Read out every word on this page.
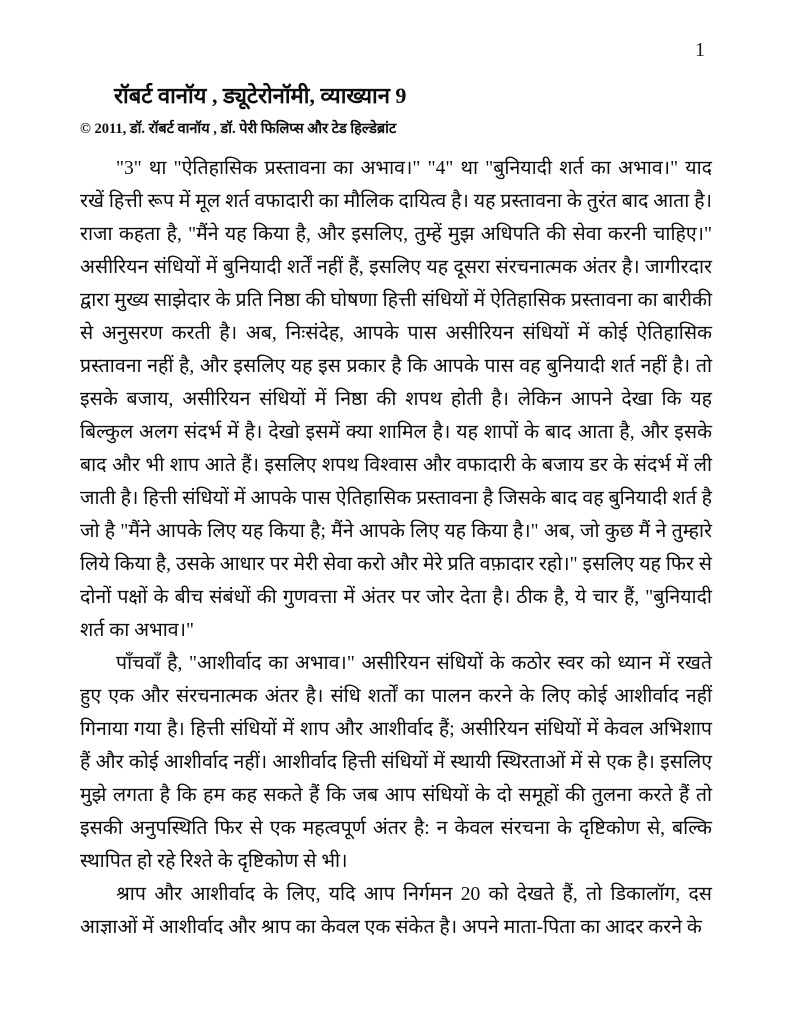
1
रॉबर्ट वानॉय , ड्यूटेरोनॉमी, व्याख्यान 9
© 2011, डॉ. रॉबर्ट वानॉय , डॉ. पेरी फिलिप्स और टेड हिल्डेब्रांट

"3" था "ऐतिहासिक प्रस्तावना का अभाव।" "4" था "बुनियादी शर्त का अभाव।" याद रखें हित्ती रूप में मूल शर्त वफादारी का मौलिक दायित्व है। यह प्रस्तावना के तुरंत बाद आता है। राजा कहता है, "मैंने यह किया है, और इसलिए, तुम्हें मुझ अधिपति की सेवा करनी चाहिए।" असीरियन संधियों में बुनियादी शर्तें नहीं हैं, इसलिए यह दूसरा संरचनात्मक अंतर है। जागीरदार द्वारा मुख्य साझेदार के प्रति निष्ठा की घोषणा हित्ती संधियों में ऐतिहासिक प्रस्तावना का बारीकी से अनुसरण करती है। अब, निःसंदेह, आपके पास असीरियन संधियों में कोई ऐतिहासिक प्रस्तावना नहीं है, और इसलिए यह इस प्रकार है कि आपके पास वह बुनियादी शर्त नहीं है। तो इसके बजाय, असीरियन संधियों में निष्ठा की शपथ होती है। लेकिन आपने देखा कि यह बिल्कुल अलग संदर्भ में है। देखो इसमें क्या शामिल है। यह शापों के बाद आता है, और इसके बाद और भी शाप आते हैं। इसलिए शपथ विश्वास और वफादारी के बजाय डर के संदर्भ में ली जाती है। हित्ती संधियों में आपके पास ऐतिहासिक प्रस्तावना है जिसके बाद वह बुनियादी शर्त है जो है "मैंने आपके लिए यह किया है; मैंने आपके लिए यह किया है।" अब, जो कुछ मैं ने तुम्हारे लिये किया है, उसके आधार पर मेरी सेवा करो और मेरे प्रति वफ़ादार रहो।" इसलिए यह फिर से दोनों पक्षों के बीच संबंधों की गुणवत्ता में अंतर पर जोर देता है। ठीक है, ये चार हैं, "बुनियादी शर्त का अभाव।"

पाँचवाँ है, "आशीर्वाद का अभाव।" असीरियन संधियों के कठोर स्वर को ध्यान में रखते हुए एक और संरचनात्मक अंतर है। संधि शर्तों का पालन करने के लिए कोई आशीर्वाद नहीं गिनाया गया है। हित्ती संधियों में शाप और आशीर्वाद हैं; असीरियन संधियों में केवल अभिशाप हैं और कोई आशीर्वाद नहीं। आशीर्वाद हित्ती संधियों में स्थायी स्थिरताओं में से एक है। इसलिए मुझे लगता है कि हम कह सकते हैं कि जब आप संधियों के दो समूहों की तुलना करते हैं तो इसकी अनुपस्थिति फिर से एक महत्वपूर्ण अंतर है: न केवल संरचना के दृष्टिकोण से, बल्कि स्थापित हो रहे रिश्ते के दृष्टिकोण से भी।

श्राप और आशीर्वाद के लिए, यदि आप निर्गमन 20 को देखते हैं, तो डिकालॉग, दस आज्ञाओं में आशीर्वाद और श्राप का केवल एक संकेत है। अपने माता-पिता का आदर करने के
